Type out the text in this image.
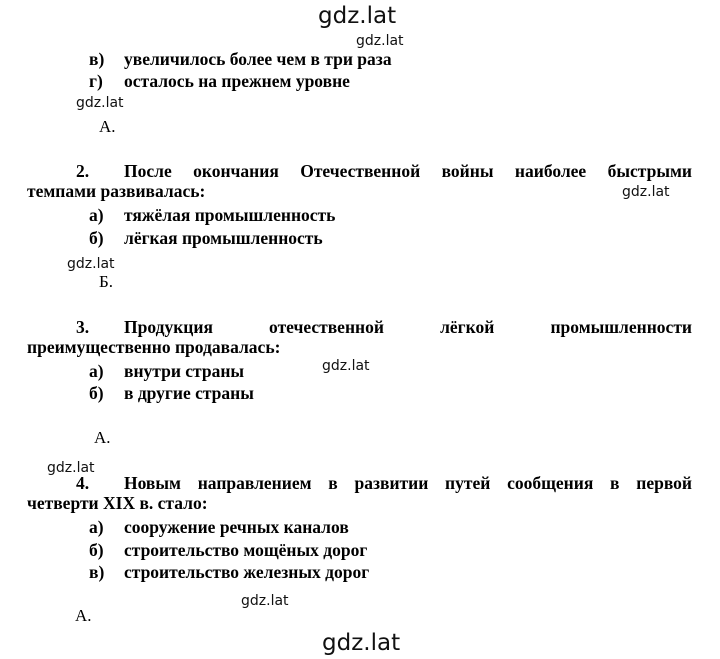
gdz.lat
gdz.lat
gdz.lat
gdz.lat
gdz.lat
gdz.lat
gdz.lat
gdz.lat
gdz.lat
в) увеличилось более чем в три раза
г) осталось на прежнем уровне
А.
2. После окончания Отечественной войны наиболее быстрыми
темпами развивалась:
а) тяжёлая промышленность
б) лёгкая промышленность
Б.
3. Продукция отечественной лёгкой промышленности
преимущественно продавалась:
а) внутри страны
б) в другие страны
А.
4. Новым направлением в развитии путей сообщения в первой
четверти XIX в. стало:
а) сооружение речных каналов
б) строительство мощёных дорог
в) строительство железных дорог
А.
